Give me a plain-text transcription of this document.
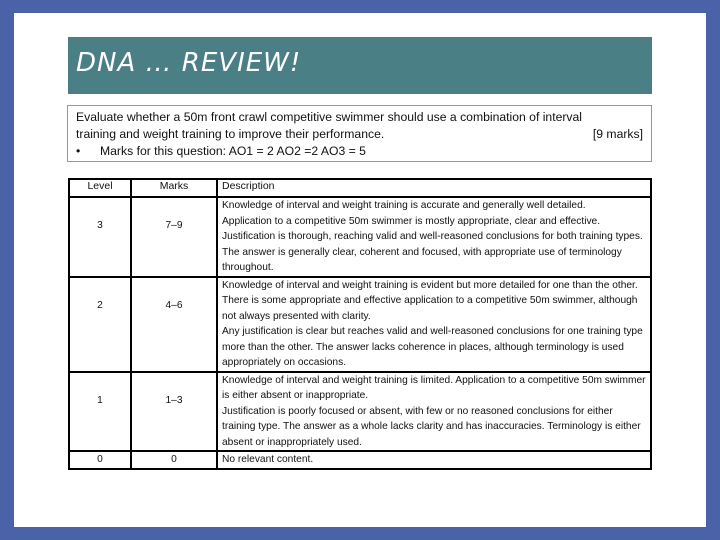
DNA … REVIEW!
Evaluate whether a 50m front crawl competitive swimmer should use a combination of interval
training and weight training to improve their performance.	[9 marks]
• Marks for this question: AO1 = 2 AO2 =2 AO3 = 5
Level	Marks	Description
3	7–9	Knowledge of interval and weight training is accurate and generally well detailed.
Application to a competitive 50m swimmer is mostly appropriate, clear and effective.
Justification is thorough, reaching valid and well-reasoned conclusions for both training types.
The answer is generally clear, coherent and focused, with appropriate use of terminology throughout.

2	4–6	Knowledge of interval and weight training is evident but more detailed for one than the other. There is some appropriate and effective application to a competitive 50m swimmer, although not always presented with clarity.
Any justification is clear but reaches valid and well-reasoned conclusions for one training type more than the other. The answer lacks coherence in places, although terminology is used appropriately on occasions.

1	1–3	Knowledge of interval and weight training is limited. Application to a competitive 50m swimmer is either absent or inappropriate.
Justification is poorly focused or absent, with few or no reasoned conclusions for either training type. The answer as a whole lacks clarity and has inaccuracies. Terminology is either absent or inappropriately used.

0	0	No relevant content.
